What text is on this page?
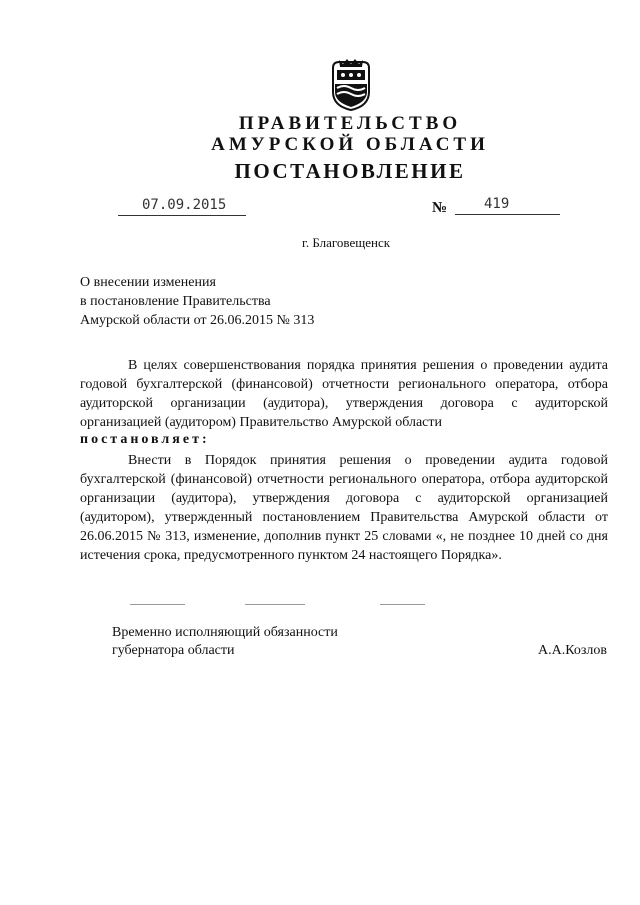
ПРАВИТЕЛЬСТВО
АМУРСКОЙ ОБЛАСТИ
ПОСТАНОВЛЕНИЕ
07.09.2015	№	419
г. Благовещенск
О внесении изменения
в постановление Правительства
Амурской области от 26.06.2015 № 313
В целях совершенствования порядка принятия решения о проведении аудита годовой бухгалтерской (финансовой) отчетности регионального оператора, отбора аудиторской организации (аудитора), утверждения договора с аудиторской организацией (аудитором) Правительство Амурской области
постановляет:
Внести в Порядок принятия решения о проведении аудита годовой бухгалтерской (финансовой) отчетности регионального оператора, отбора аудиторской организации (аудитора), утверждения договора с аудиторской организацией (аудитором), утвержденный постановлением Правительства Амурской области от 26.06.2015 № 313, изменение, дополнив пункт 25 словами «, не позднее 10 дней со дня истечения срока, предусмотренного пунктом 24 настоящего Порядка».
Временно исполняющий обязанности
губернатора области	А.А.Козлов
